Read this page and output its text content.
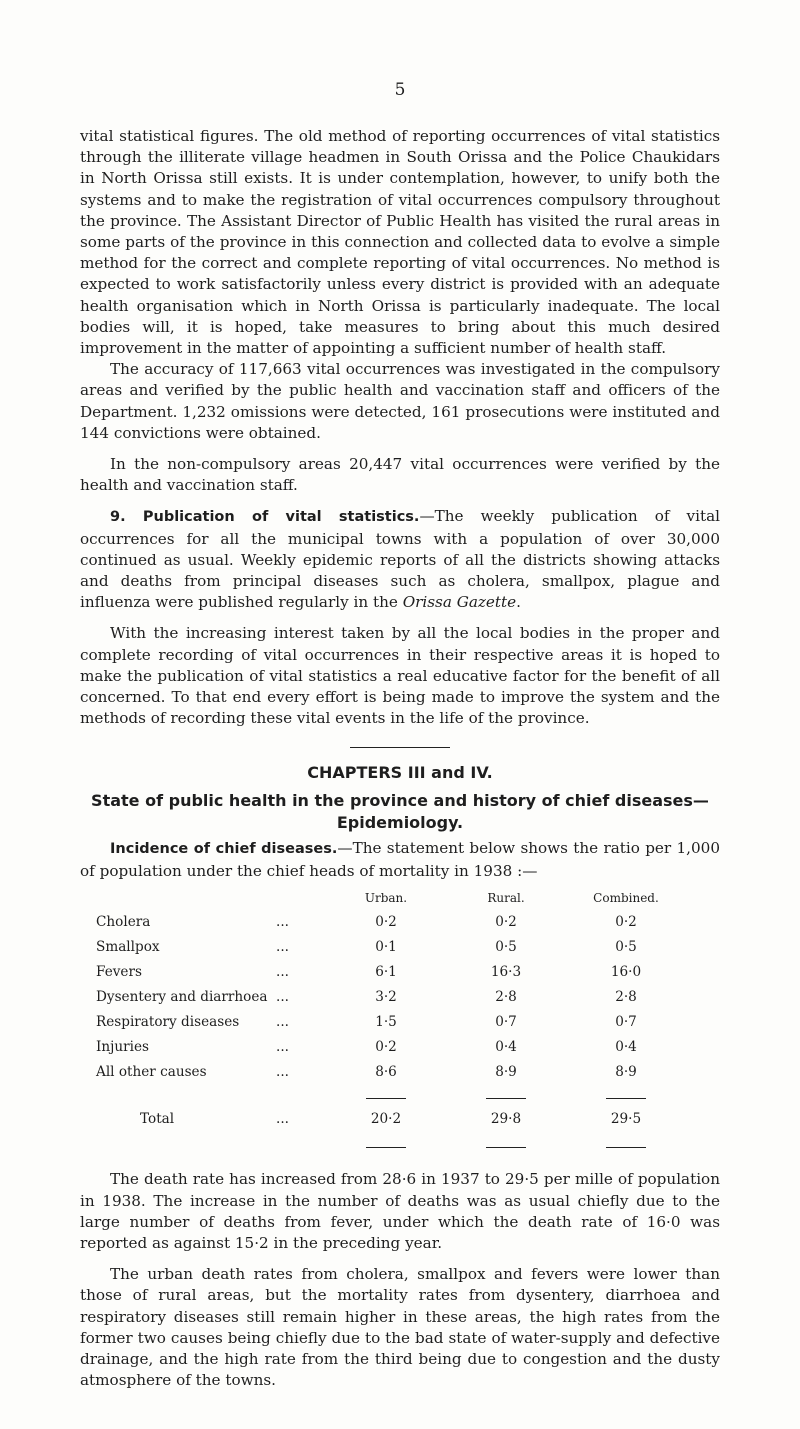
5

vital statistical figures. The old method of reporting occurrences of vital statistics through the illiterate village headmen in South Orissa and the Police Chaukidars in North Orissa still exists. It is under contemplation, however, to unify both the systems and to make the registration of vital occurrences compulsory throughout the province. The Assistant Director of Public Health has visited the rural areas in some parts of the province in this connection and collected data to evolve a simple method for the correct and complete reporting of vital occurrences. No method is expected to work satisfactorily unless every district is provided with an adequate health organisation which in North Orissa is particularly inadequate. The local bodies will, it is hoped, take measures to bring about this much desired improvement in the matter of appointing a sufficient number of health staff.

The accuracy of 117,663 vital occurrences was investigated in the compulsory areas and verified by the public health and vaccination staff and officers of the Department. 1,232 omissions were detected, 161 prosecutions were instituted and 144 convictions were obtained.

In the non-compulsory areas 20,447 vital occurrences were verified by the health and vaccination staff.

9. Publication of vital statistics.—The weekly publication of vital occurrences for all the municipal towns with a population of over 30,000 continued as usual. Weekly epidemic reports of all the districts showing attacks and deaths from principal diseases such as cholera, smallpox, plague and influenza were published regularly in the Orissa Gazette.

With the increasing interest taken by all the local bodies in the proper and complete recording of vital occurrences in their respective areas it is hoped to make the publication of vital statistics a real educative factor for the benefit of all concerned. To that end every effort is being made to improve the system and the methods of recording these vital events in the life of the province.

CHAPTERS III and IV.
State of public health in the province and history of chief diseases— Epidemiology.

Incidence of chief diseases.—The statement below shows the ratio per 1,000 of population under the chief heads of mortality in 1938 :—

		Urban.	Rural.	Combined.
Cholera	...	0·2	0·2	0·2
Smallpox	...	0·1	0·5	0·5
Fevers	...	6·1	16·3	16·0
Dysentery and diarrhoea	...	3·2	2·8	2·8
Respiratory diseases	...	1·5	0·7	0·7
Injuries	...	0·2	0·4	0·4
All other causes	...	8·6	8·9	8·9

Total	...	20·2	29·8	29·5

The death rate has increased from 28·6 in 1937 to 29·5 per mille of population in 1938. The increase in the number of deaths was as usual chiefly due to the large number of deaths from fever, under which the death rate of 16·0 was reported as against 15·2 in the preceding year.

The urban death rates from cholera, smallpox and fevers were lower than those of rural areas, but the mortality rates from dysentery, diarrhoea and respiratory diseases still remain higher in these areas, the high rates from the former two causes being chiefly due to the bad state of water-supply and defective drainage, and the high rate from the third being due to congestion and the dusty atmosphere of the towns.
